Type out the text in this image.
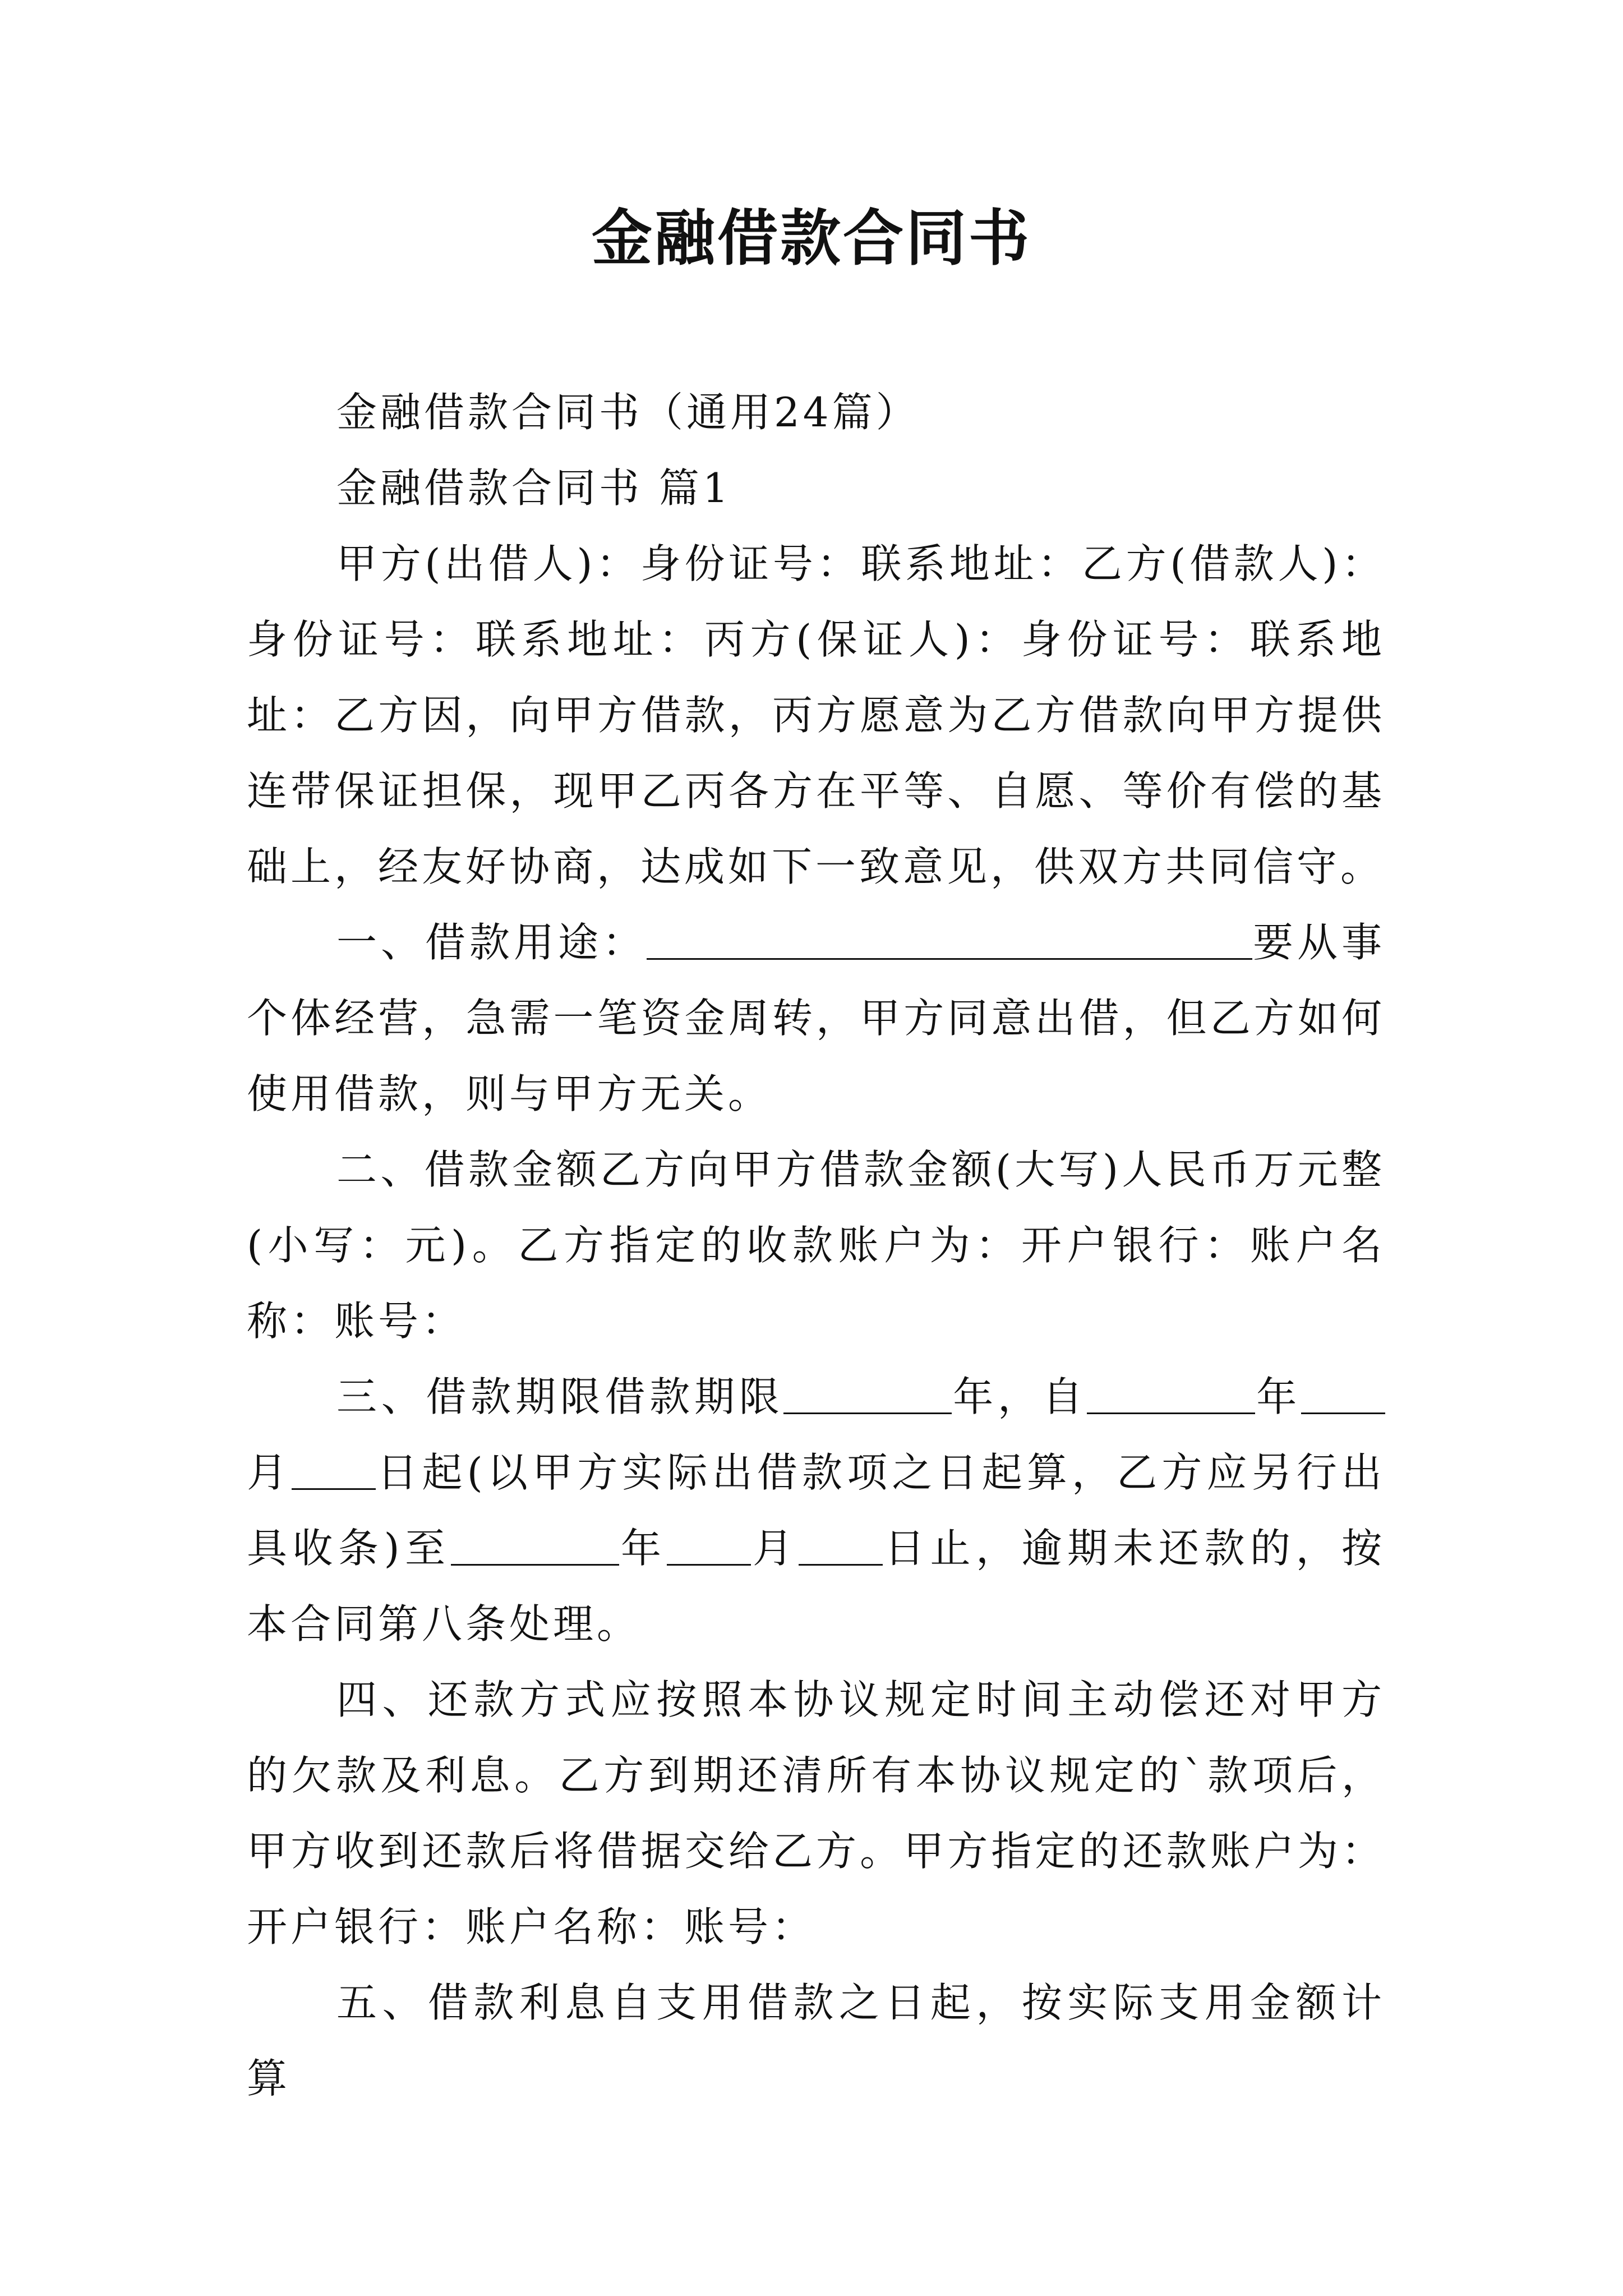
金融借款合同书

金融借款合同书（通用24篇）

金融借款合同书 篇1

甲方(出借人)：身份证号：联系地址：乙方(借款人)：身份证号：联系地址：丙方(保证人)：身份证号：联系地址：乙方因，向甲方借款，丙方愿意为乙方借款向甲方提供连带保证担保，现甲乙丙各方在平等、自愿、等价有偿的基础上，经友好协商，达成如下一致意见，供双方共同信守。

一、借款用途：	要从事个体经营，急需一笔资金周转，甲方同意出借，但乙方如何使用借款，则与甲方无关。

二、借款金额乙方向甲方借款金额(大写)人民币万元整(小写：元)。乙方指定的收款账户为：开户银行：账户名称：账号：

三、借款期限借款期限	年，自	年月 日起(以甲方实际出借款项之日起算，乙方应另行出具收条)至	年 月 日止，逾期未还款的，按本合同第八条处理。

四、还款方式应按照本协议规定时间主动偿还对甲方的欠款及利息。乙方到期还清所有本协议规定的`款项后，甲方收到还款后将借据交给乙方。甲方指定的还款账户为：开户银行：账户名称：账号：

五、借款利息自支用借款之日起，按实际支用金额计算
